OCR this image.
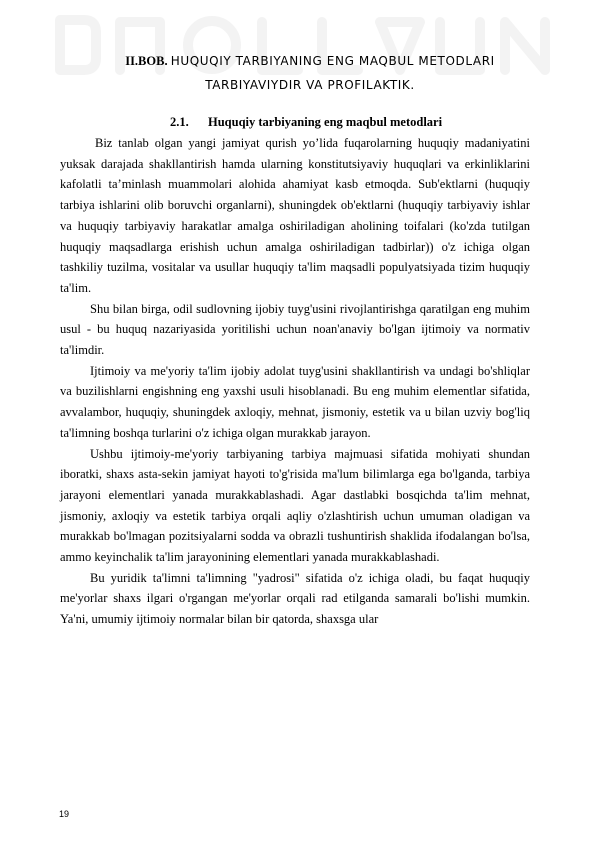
II.BOB. HUQUQIY TARBIYANING ENG MAQBUL METODLARI
TARBIYAVIYDIR VA PROFILAKTIK.
2.1. Huquqiy tarbiyaning eng maqbul metodlari

Biz tanlab olgan yangi jamiyat qurish yo’lida fuqarolarning huquqiy madaniyatini yuksak darajada shakllantirish hamda ularning konstitutsiyaviy huquqlari va erkinliklarini kafolatli ta’minlash muammolari alohida ahamiyat kasb etmoqda. Sub'ektlarni (huquqiy tarbiya ishlarini olib boruvchi organlarni), shuningdek ob'ektlarni (huquqiy tarbiyaviy ishlar va huquqiy tarbiyaviy harakatlar amalga oshiriladigan aholining toifalari (ko'zda tutilgan huquqiy maqsadlarga erishish uchun amalga oshiriladigan tadbirlar)) o'z ichiga olgan tashkiliy tuzilma, vositalar va usullar huquqiy ta'lim maqsadli populyatsiyada tizim huquqiy ta'lim.

Shu bilan birga, odil sudlovning ijobiy tuyg'usini rivojlantirishga qaratilgan eng muhim usul - bu huquq nazariyasida yoritilishi uchun noan'anaviy bo'lgan ijtimoiy va normativ ta'limdir.

Ijtimoiy va me'yoriy ta'lim ijobiy adolat tuyg'usini shakllantirish va undagi bo'shliqlar va buzilishlarni engishning eng yaxshi usuli hisoblanadi. Bu eng muhim elementlar sifatida, avvalambor, huquqiy, shuningdek axloqiy, mehnat, jismoniy, estetik va u bilan uzviy bog'liq ta'limning boshqa turlarini o'z ichiga olgan murakkab jarayon.

Ushbu ijtimoiy-me'yoriy tarbiyaning tarbiya majmuasi sifatida mohiyati shundan iboratki, shaxs asta-sekin jamiyat hayoti to'g'risida ma'lum bilimlarga ega bo'lganda, tarbiya jarayoni elementlari yanada murakkablashadi. Agar dastlabki bosqichda ta'lim mehnat, jismoniy, axloqiy va estetik tarbiya orqali aqliy o'zlashtirish uchun umuman oladigan va murakkab bo'lmagan pozitsiyalarni sodda va obrazli tushuntirish shaklida ifodalangan bo'lsa, ammo keyinchalik ta'lim jarayonining elementlari yanada murakkablashadi.

Bu yuridik ta'limni ta'limning "yadrosi" sifatida o'z ichiga oladi, bu faqat huquqiy me'yorlar shaxs ilgari o'rgangan me'yorlar orqali rad etilganda samarali bo'lishi mumkin. Ya'ni, umumiy ijtimoiy normalar bilan bir qatorda, shaxsga ular

19
